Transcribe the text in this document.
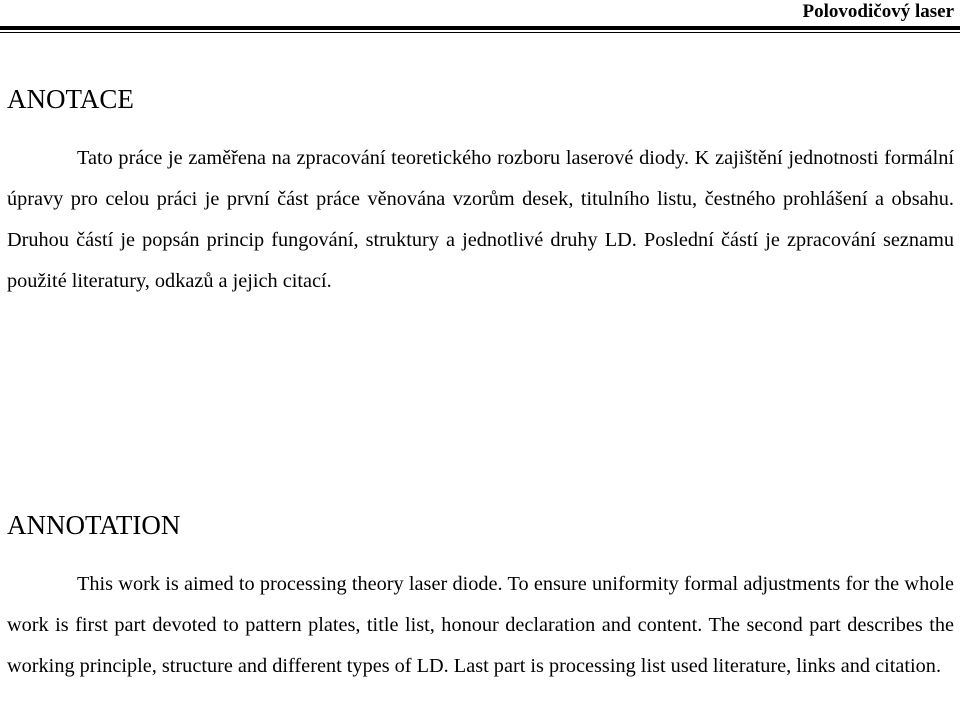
Polovodičový laser
ANOTACE

Tato práce je zaměřena na zpracování teoretického rozboru laserové diody. K zajištění jednotnosti formální úpravy pro celou práci je první část práce věnována vzorům desek, titulního listu, čestného prohlášení a obsahu. Druhou částí je popsán princip fungování, struktury a jednotlivé druhy LD. Poslední částí je zpracování seznamu použité literatury, odkazů a jejich citací.

ANNOTATION

This work is aimed to processing theory laser diode. To ensure uniformity formal adjustments for the whole work is first part devoted to pattern plates, title list, honour declaration and content. The second part describes the working principle, structure and different types of LD. Last part is processing list used literature, links and citation.
